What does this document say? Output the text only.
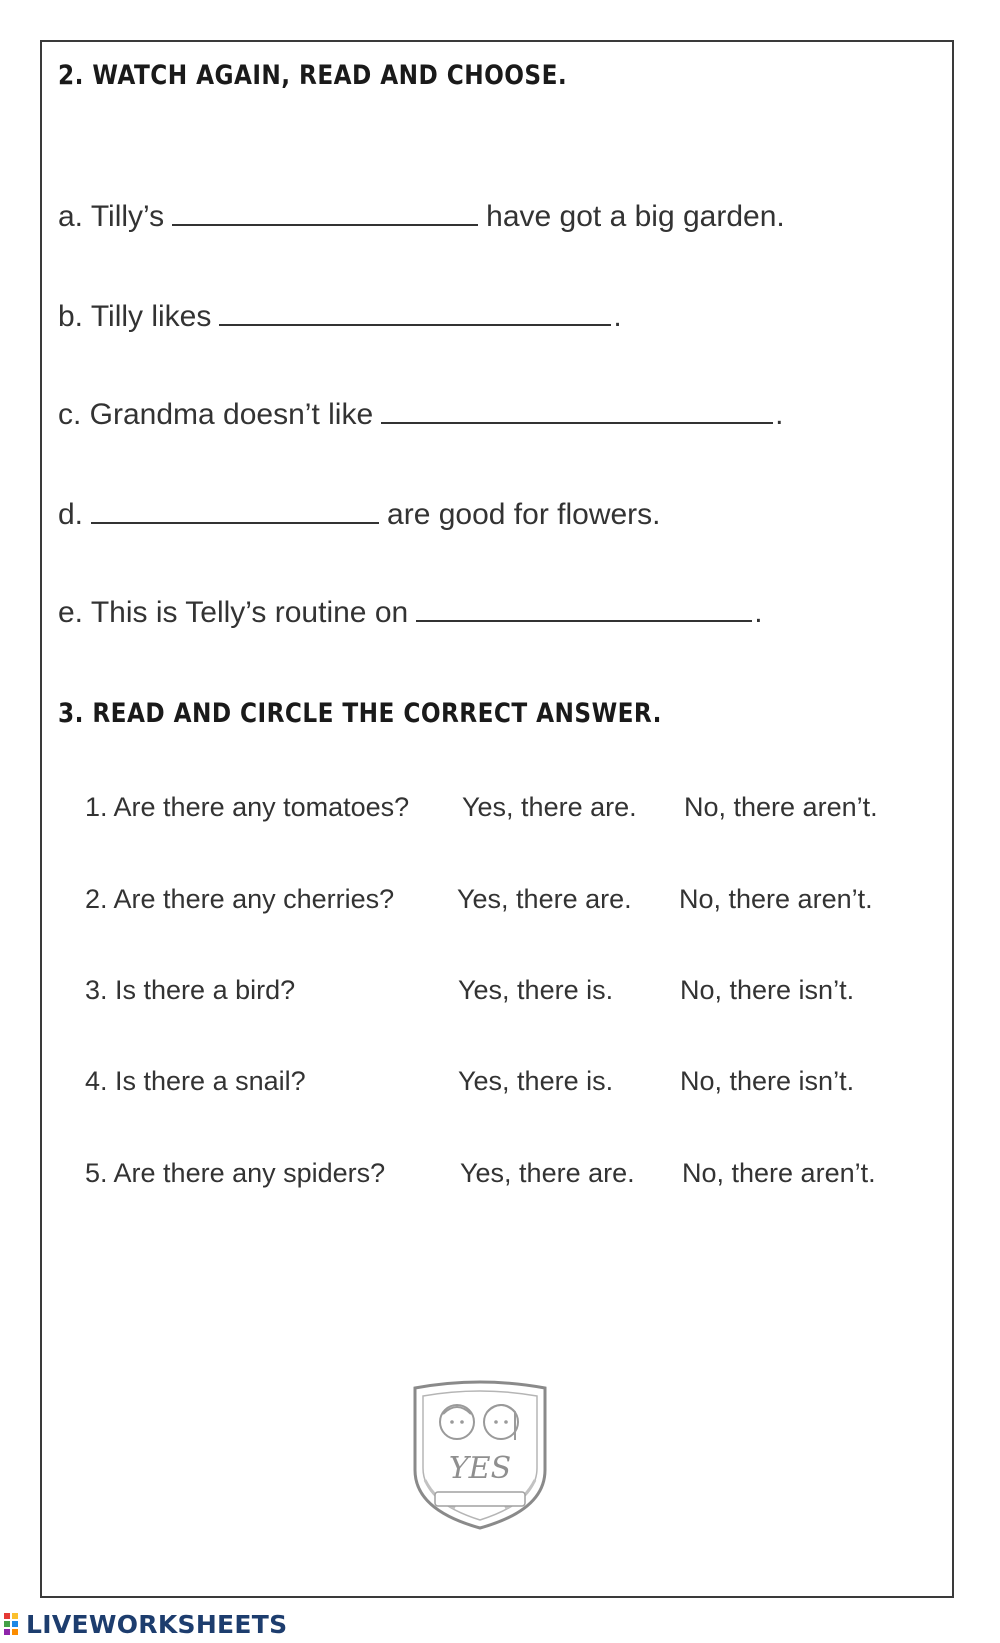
2. WATCH AGAIN, READ AND CHOOSE.
a. Tilly’s	have got a big garden.
b. Tilly likes	.
c. Grandma doesn’t like	.
d.	are good for flowers.
e. This is Telly’s routine on	.
3. READ AND CIRCLE THE CORRECT ANSWER.
1. Are there any tomatoes? Yes, there are. No, there aren’t.
2. Are there any cherries? Yes, there are. No, there aren’t.
3. Is there a bird?	Yes, there is. No, there isn’t.
4. Is there a snail?	Yes, there is. No, there isn’t.
5. Are there any spiders?	Yes, there are. No, there aren’t.
YES
LIVEWORKSHEETS
